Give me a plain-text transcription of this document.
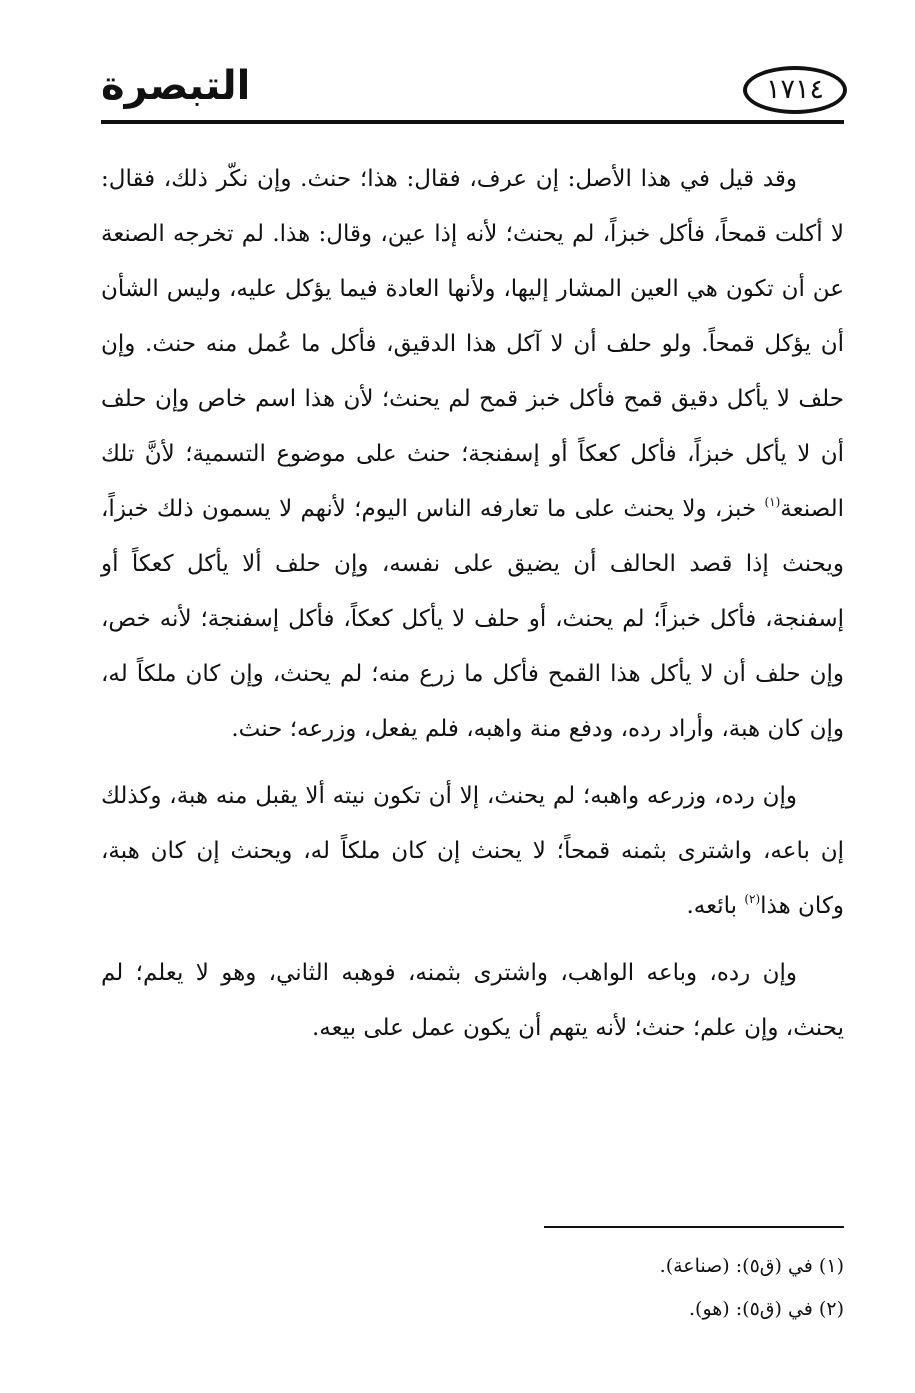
التبصرة	١٧١٤

وقد قيل في هذا الأصل: إن عرف، فقال: هذا؛ حنث. وإن نكّر ذلك، فقال: لا أكلت قمحاً، فأكل خبزاً، لم يحنث؛ لأنه إذا عين، وقال: هذا. لم تخرجه الصنعة عن أن تكون هي العين المشار إليها، ولأنها العادة فيما يؤكل عليه، وليس الشأن أن يؤكل قمحاً. ولو حلف أن لا آكل هذا الدقيق، فأكل ما عُمل منه حنث. وإن حلف لا يأكل دقيق قمح فأكل خبز قمح لم يحنث؛ لأن هذا اسم خاص وإن حلف أن لا يأكل خبزاً، فأكل كعكاً أو إسفنجة؛ حنث على موضوع التسمية؛ لأنَّ تلك الصنعة$^{(١)}$ خبز، ولا يحنث على ما تعارفه الناس اليوم؛ لأنهم لا يسمون ذلك خبزاً، ويحنث إذا قصد الحالف أن يضيق على نفسه، وإن حلف ألا يأكل كعكاً أو إسفنجة، فأكل خبزاً؛ لم يحنث، أو حلف لا يأكل كعكاً، فأكل إسفنجة؛ لأنه خص، وإن حلف أن لا يأكل هذا القمح فأكل ما زرع منه؛ لم يحنث، وإن كان ملكاً له، وإن كان هبة، وأراد رده، ودفع منة واهبه، فلم يفعل، وزرعه؛ حنث.

وإن رده، وزرعه واهبه؛ لم يحنث، إلا أن تكون نيته ألا يقبل منه هبة، وكذلك إن باعه، واشترى بثمنه قمحاً؛ لا يحنث إن كان ملكاً له، ويحنث إن كان هبة، وكان هذا$^{(٢)}$ بائعه.

وإن رده، وباعه الواهب، واشترى بثمنه، فوهبه الثاني، وهو لا يعلم؛ لم يحنث، وإن علم؛ حنث؛ لأنه يتهم أن يكون عمل على بيعه.

(١) في (ق٥): (صناعة).

(٢) في (ق٥): (هو).
